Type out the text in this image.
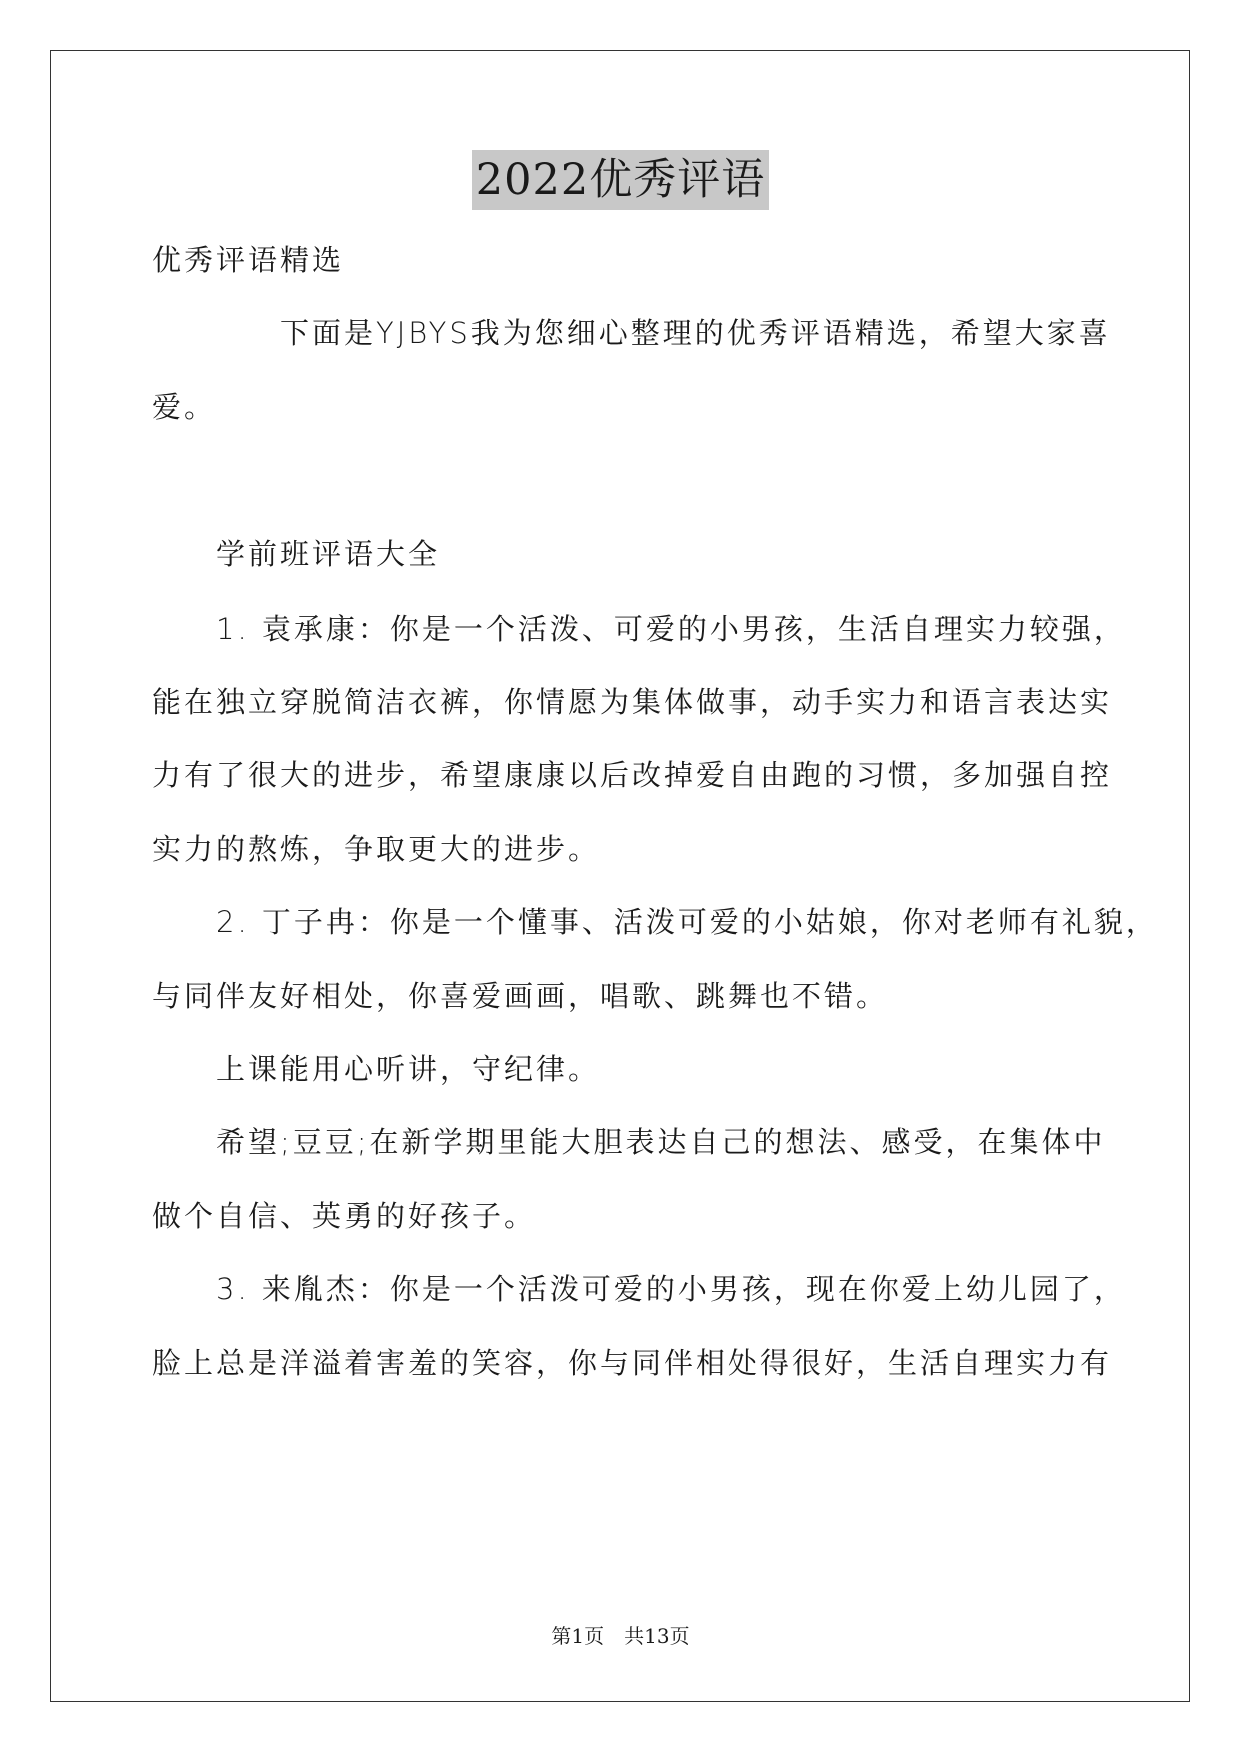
2022优秀评语
优秀评语精选
　　　　下面是YJBYS我为您细心整理的优秀评语精选，希望大家喜
爱。
　　学前班评语大全
　　1. 袁承康：你是一个活泼、可爱的小男孩，生活自理实力较强，
能在独立穿脱简洁衣裤，你情愿为集体做事，动手实力和语言表达实
力有了很大的进步，希望康康以后改掉爱自由跑的习惯，多加强自控
实力的熬炼，争取更大的进步。
　　2. 丁子冉：你是一个懂事、活泼可爱的小姑娘，你对老师有礼貌，
与同伴友好相处，你喜爱画画，唱歌、跳舞也不错。
　　上课能用心听讲，守纪律。
　　希望;豆豆;在新学期里能大胆表达自己的想法、感受，在集体中
做个自信、英勇的好孩子。
　　3. 来胤杰：你是一个活泼可爱的小男孩，现在你爱上幼儿园了，
脸上总是洋溢着害羞的笑容，你与同伴相处得很好，生活自理实力有
第1页　共13页
